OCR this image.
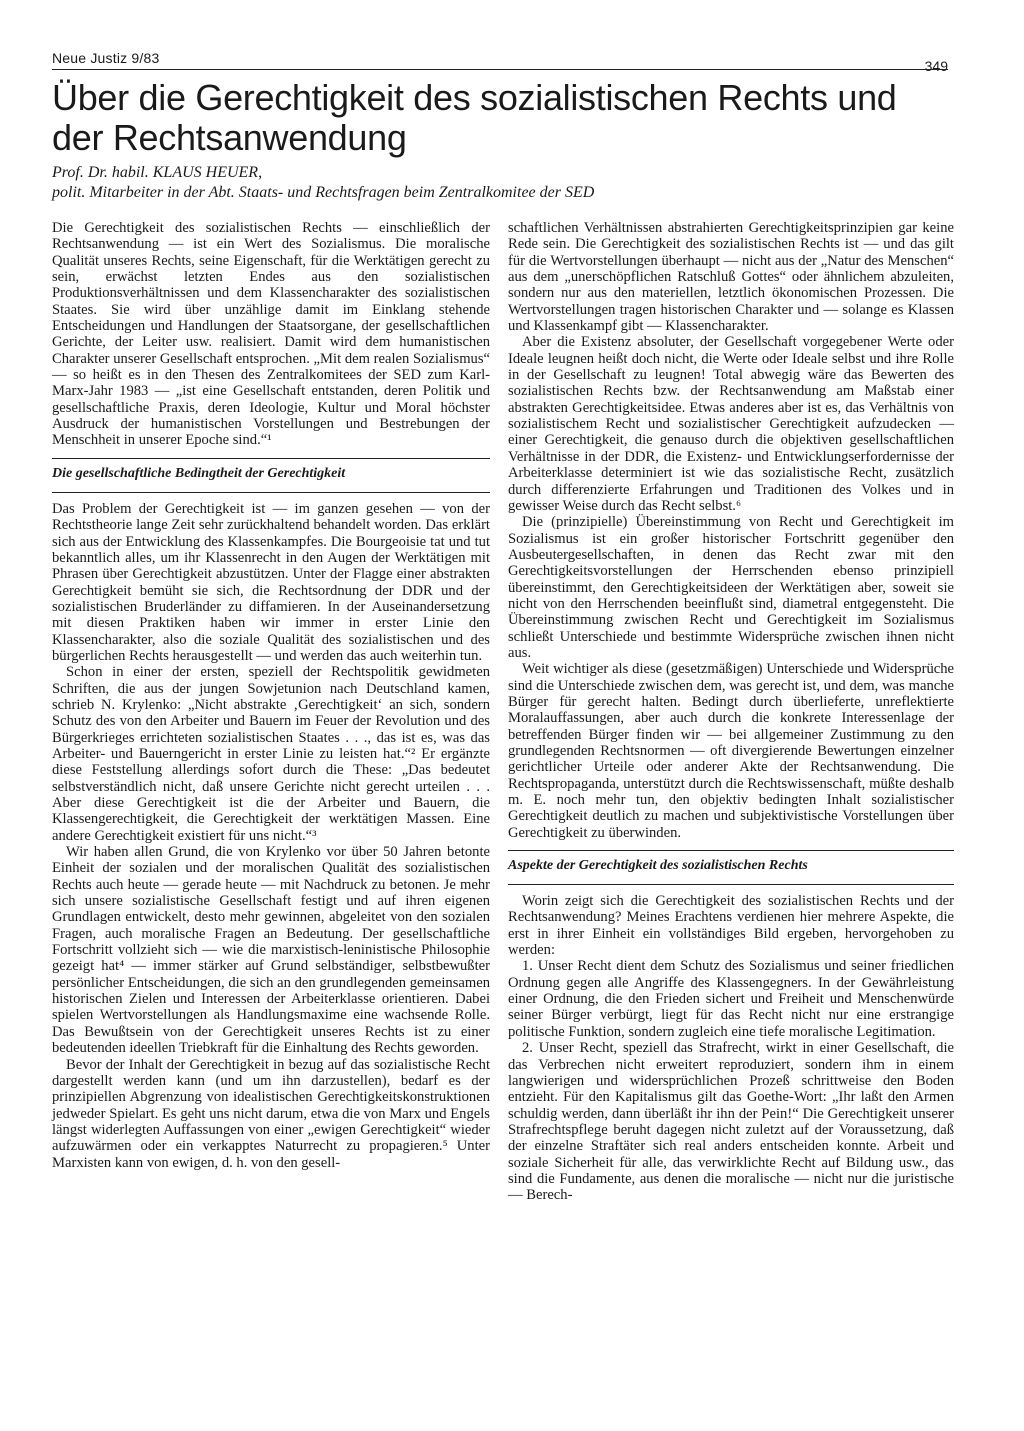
Neue Justiz 9/83	349
Über die Gerechtigkeit des sozialistischen Rechts und der Rechtsanwendung
Prof. Dr. habil. KLAUS HEUER,
polit. Mitarbeiter in der Abt. Staats- und Rechtsfragen beim Zentralkomitee der SED

Die Gerechtigkeit des sozialistischen Rechts — einschließlich der Rechtsanwendung — ist ein Wert des Sozialismus. Die moralische Qualität unseres Rechts, seine Eigenschaft, für die Werktätigen gerecht zu sein, erwächst letzten Endes aus den sozialistischen Produktionsverhältnissen und dem Klassencharakter des sozialistischen Staates. Sie wird über unzählige damit im Einklang stehende Entscheidungen und Handlungen der Staatsorgane, der gesellschaftlichen Gerichte, der Leiter usw. realisiert. Damit wird dem humanistischen Charakter unserer Gesellschaft entsprochen. „Mit dem realen Sozialismus“ — so heißt es in den Thesen des Zentralkomitees der SED zum Karl-Marx-Jahr 1983 — „ist eine Gesellschaft entstanden, deren Politik und gesellschaftliche Praxis, deren Ideologie, Kultur und Moral höchster Ausdruck der humanistischen Vorstellungen und Bestrebungen der Menschheit in unserer Epoche sind.“¹

Die gesellschaftliche Bedingtheit der Gerechtigkeit

Das Problem der Gerechtigkeit ist — im ganzen gesehen — von der Rechtstheorie lange Zeit sehr zurückhaltend behandelt worden. Das erklärt sich aus der Entwicklung des Klassenkampfes. Die Bourgeoisie tat und tut bekanntlich alles, um ihr Klassenrecht in den Augen der Werktätigen mit Phrasen über Gerechtigkeit abzustützen. Unter der Flagge einer abstrakten Gerechtigkeit bemüht sie sich, die Rechtsordnung der DDR und der sozialistischen Bruderländer zu diffamieren. In der Auseinandersetzung mit diesen Praktiken haben wir immer in erster Linie den Klassencharakter, also die soziale Qualität des sozialistischen und des bürgerlichen Rechts herausgestellt — und werden das auch weiterhin tun.

Schon in einer der ersten, speziell der Rechtspolitik gewidmeten Schriften, die aus der jungen Sowjetunion nach Deutschland kamen, schrieb N. Krylenko: „Nicht abstrakte ‚Gerechtigkeit‘ an sich, sondern Schutz des von den Arbeiter und Bauern im Feuer der Revolution und des Bürgerkrieges errichteten sozialistischen Staates . . ., das ist es, was das Arbeiter- und Bauerngericht in erster Linie zu leisten hat.“² Er ergänzte diese Feststellung allerdings sofort durch die These: „Das bedeutet selbstverständlich nicht, daß unsere Gerichte nicht gerecht urteilen . . . Aber diese Gerechtigkeit ist die der Arbeiter und Bauern, die Klassengerechtigkeit, die Gerechtigkeit der werktätigen Massen. Eine andere Gerechtigkeit existiert für uns nicht.“³

Wir haben allen Grund, die von Krylenko vor über 50 Jahren betonte Einheit der sozialen und der moralischen Qualität des sozialistischen Rechts auch heute — gerade heute — mit Nachdruck zu betonen. Je mehr sich unsere sozialistische Gesellschaft festigt und auf ihren eigenen Grundlagen entwickelt, desto mehr gewinnen, abgeleitet von den sozialen Fragen, auch moralische Fragen an Bedeutung. Der gesellschaftliche Fortschritt vollzieht sich — wie die marxistisch-leninistische Philosophie gezeigt hat⁴ — immer stärker auf Grund selbständiger, selbstbewußter persönlicher Entscheidungen, die sich an den grundlegenden gemeinsamen historischen Zielen und Interessen der Arbeiterklasse orientieren. Dabei spielen Wertvorstellungen als Handlungsmaxime eine wachsende Rolle. Das Bewußtsein von der Gerechtigkeit unseres Rechts ist zu einer bedeutenden ideellen Triebkraft für die Einhaltung des Rechts geworden.

Bevor der Inhalt der Gerechtigkeit in bezug auf das sozialistische Recht dargestellt werden kann (und um ihn darzustellen), bedarf es der prinzipiellen Abgrenzung von idealistischen Gerechtigkeitskonstruktionen jedweder Spielart. Es geht uns nicht darum, etwa die von Marx und Engels längst widerlegten Auffassungen von einer „ewigen Gerechtigkeit“ wieder aufzuwärmen oder ein verkapptes Naturrecht zu propagieren.⁵ Unter Marxisten kann von ewigen, d. h. von den gesell-

schaftlichen Verhältnissen abstrahierten Gerechtigkeitsprinzipien gar keine Rede sein. Die Gerechtigkeit des sozialistischen Rechts ist — und das gilt für die Wertvorstellungen überhaupt — nicht aus der „Natur des Menschen“ aus dem „unerschöpflichen Ratschluß Gottes“ oder ähnlichem abzuleiten, sondern nur aus den materiellen, letztlich ökonomischen Prozessen. Die Wertvorstellungen tragen historischen Charakter und — solange es Klassen und Klassenkampf gibt — Klassencharakter.

Aber die Existenz absoluter, der Gesellschaft vorgegebener Werte oder Ideale leugnen heißt doch nicht, die Werte oder Ideale selbst und ihre Rolle in der Gesellschaft zu leugnen! Total abwegig wäre das Bewerten des sozialistischen Rechts bzw. der Rechtsanwendung am Maßstab einer abstrakten Gerechtigkeitsidee. Etwas anderes aber ist es, das Verhältnis von sozialistischem Recht und sozialistischer Gerechtigkeit aufzudecken — einer Gerechtigkeit, die genauso durch die objektiven gesellschaftlichen Verhältnisse in der DDR, die Existenz- und Entwicklungserfordernisse der Arbeiterklasse determiniert ist wie das sozialistische Recht, zusätzlich durch differenzierte Erfahrungen und Traditionen des Volkes und in gewisser Weise durch das Recht selbst.⁶

Die (prinzipielle) Übereinstimmung von Recht und Gerechtigkeit im Sozialismus ist ein großer historischer Fortschritt gegenüber den Ausbeutergesellschaften, in denen das Recht zwar mit den Gerechtigkeitsvorstellungen der Herrschenden ebenso prinzipiell übereinstimmt, den Gerechtigkeitsideen der Werktätigen aber, soweit sie nicht von den Herrschenden beeinflußt sind, diametral entgegensteht. Die Übereinstimmung zwischen Recht und Gerechtigkeit im Sozialismus schließt Unterschiede und bestimmte Widersprüche zwischen ihnen nicht aus.

Weit wichtiger als diese (gesetzmäßigen) Unterschiede und Widersprüche sind die Unterschiede zwischen dem, was gerecht ist, und dem, was manche Bürger für gerecht halten. Bedingt durch überlieferte, unreflektierte Moralauffassungen, aber auch durch die konkrete Interessenlage der betreffenden Bürger finden wir — bei allgemeiner Zustimmung zu den grundlegenden Rechtsnormen — oft divergierende Bewertungen einzelner gerichtlicher Urteile oder anderer Akte der Rechtsanwendung. Die Rechtspropaganda, unterstützt durch die Rechtswissenschaft, müßte deshalb m. E. noch mehr tun, den objektiv bedingten Inhalt sozialistischer Gerechtigkeit deutlich zu machen und subjektivistische Vorstellungen über Gerechtigkeit zu überwinden.

Aspekte der Gerechtigkeit des sozialistischen Rechts

Worin zeigt sich die Gerechtigkeit des sozialistischen Rechts und der Rechtsanwendung? Meines Erachtens verdienen hier mehrere Aspekte, die erst in ihrer Einheit ein vollständiges Bild ergeben, hervorgehoben zu werden:

1. Unser Recht dient dem Schutz des Sozialismus und seiner friedlichen Ordnung gegen alle Angriffe des Klassengegners. In der Gewährleistung einer Ordnung, die den Frieden sichert und Freiheit und Menschenwürde seiner Bürger verbürgt, liegt für das Recht nicht nur eine erstrangige politische Funktion, sondern zugleich eine tiefe moralische Legitimation.

2. Unser Recht, speziell das Strafrecht, wirkt in einer Gesellschaft, die das Verbrechen nicht erweitert reproduziert, sondern ihm in einem langwierigen und widersprüchlichen Prozeß schrittweise den Boden entzieht. Für den Kapitalismus gilt das Goethe-Wort: „Ihr laßt den Armen schuldig werden, dann überläßt ihr ihn der Pein!“ Die Gerechtigkeit unserer Strafrechtspflege beruht dagegen nicht zuletzt auf der Voraussetzung, daß der einzelne Straftäter sich real anders entscheiden konnte. Arbeit und soziale Sicherheit für alle, das verwirklichte Recht auf Bildung usw., das sind die Fundamente, aus denen die moralische — nicht nur die juristische — Berech-
